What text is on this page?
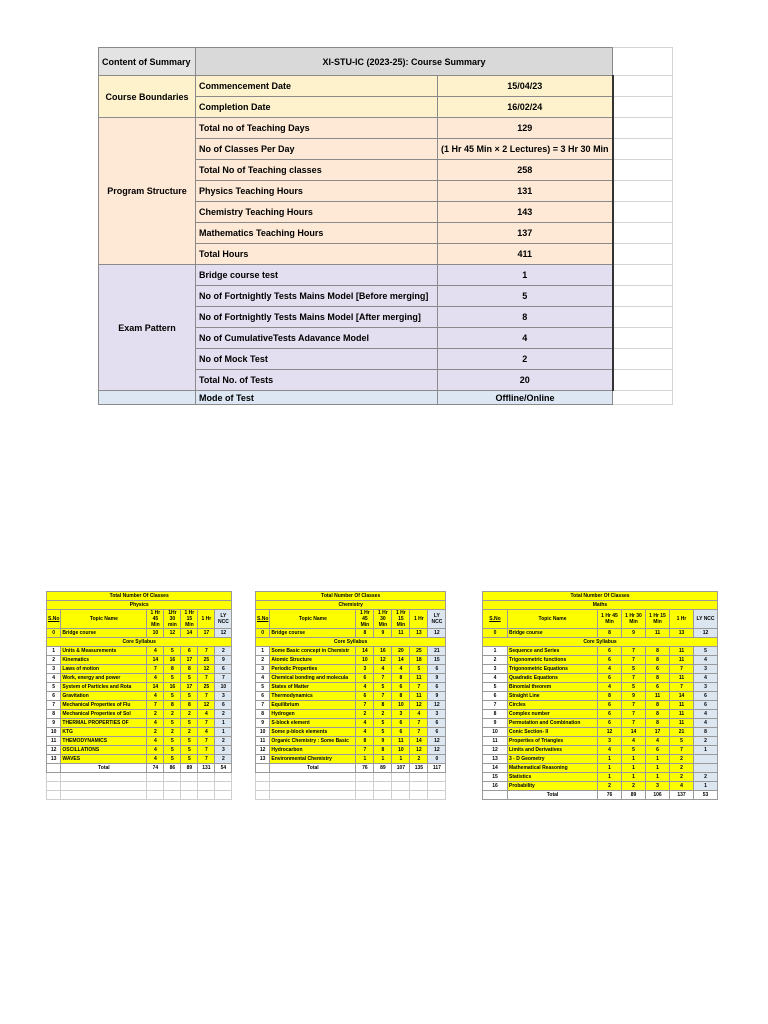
Content of Summary	XI-STU-IC (2023-25): Course Summary		
Course Boundaries	Commencement Date	15/04/23	
	Completion Date	16/02/24	
Program Structure	Total no of Teaching Days	129	
	No of Classes Per Day	(1 Hr 45 Min × 2 Lectures) = 3 Hr 30 Min	
	Total No of Teaching classes	258	
	Physics Teaching Hours	131	
	Chemistry Teaching Hours	143	
	Mathematics Teaching Hours	137	
	Total Hours	411	
Exam Pattern	Bridge course test	1	
	No of Fortnightly Tests Mains Model [Before merging]	5	
	No of Fortnightly Tests Mains Model [After merging]	8	
	No of CumulativeTests Adavance Model	4	
	No of Mock Test	2	
	Total No. of Tests	20	
	Mode of Test	Offline/Online	
Total Number Of Classes						
Physics						
S.No	Topic Name	1 Hr 45 Min	1Hr 30 min	1 Hr 15 Min	1 Hr	LY NCC
0	Bridge course	10	12	14	17	12
Core Syllabus						
1	Units & Measurements	4	5	6	7	2
2	Kinematics	14	16	17	25	9
3	Laws of motion	7	8	8	12	6
4	Work, energy and power	4	5	5	7	7
5	System of Particles and Rota	14	16	17	25	10
6	Gravitation	4	5	5	7	3
7	Mechanical Properties of Flu	7	8	8	12	6
8	Mechanical Properties of Sol	2	2	2	4	2
9	THERMAL PROPERTIES OF	4	5	5	7	1
10	KTG	2	2	2	4	1
11	THEMODYNAMICS	4	5	5	7	2
12	OSCILLATIONS	4	5	5	7	3
13	WAVES	4	5	5	7	2
	Total	74	86	89	131	54

Total Number Of Classes						
Chemistry						
S.No	Topic Name	1 Hr 45 Min	1 Hr 30 Min	1 Hr 15 Min	1 Hr	LY NCC
0	Bridge course	8	9	11	13	12
Core Syllabus						
1	Some Basic concept in Chemistr	14	16	20	25	21
2	Atomic Structure	10	12	14	18	15
3	Periodic Properties	3	4	4	5	6
4	Chemical bonding and molecula	6	7	8	11	9
5	States of Matter	4	5	6	7	6
6	Thermodynamics	6	7	8	11	9
7	Equilibrium	7	8	10	12	12
8	Hydrogen	2	2	3	4	3
9	S-block element	4	5	6	7	6
10	Some p-block elements	4	5	6	7	6
11	Organic Chemistry : Some Basic	8	9	11	14	12
12	Hydrocarbon	7	8	10	12	12
13	Environmental Chemistry	1	1	1	2	0
	Total	76	89	107	135	117

Total Number Of Classes						
Maths						
S.No	Topic Name	1 Hr 45 Min	1 Hr 30 Min	1 Hr 15 Min	1 Hr	LY NCC
0	Bridge course	8	9	11	13	12
Core Syllabus						
1	Sequence and Series	6	7	8	11	5
2	Trigonometric functions	6	7	8	11	4
3	Trigonometric Equations	4	5	6	7	3
4	Quadratic Equations	6	7	8	11	4
5	Binomial theorem	4	5	6	7	3
6	Straight Line	8	9	11	14	6
7	Circles	6	7	8	11	6
8	Complex number	6	7	8	11	4
9	Permutation and Combination	6	7	8	11	4
10	Conic Section- II	12	14	17	21	8
11	Properties of Triangles	3	4	4	5	2
12	Limits and Derivatives	4	5	6	7	1
13	3 - D Geometry	1	1	1	2	
14	Mathematical Reasoning	1	1	1	2	
15	Statistics	1	1	1	2	2
16	Probability	2	2	3	4	1
	Total	76	89	106	137	53
